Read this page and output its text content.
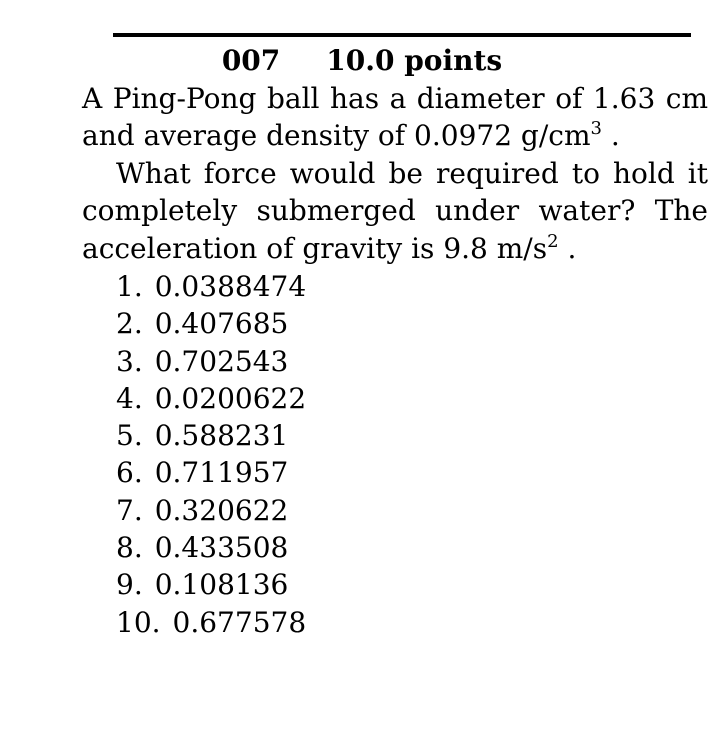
007 10.0 points

A Ping-Pong ball has a diameter of 1.63 cm and average density of 0.0972 $g/cm^3$ .

What force would be required to hold it completely submerged under water? The acceleration of gravity is 9.8 $m/s^2$ .

1. 0.0388474
2. 0.407685
3. 0.702543
4. 0.0200622
5. 0.588231
6. 0.711957
7. 0.320622
8. 0.433508
9. 0.108136
10. 0.677578
